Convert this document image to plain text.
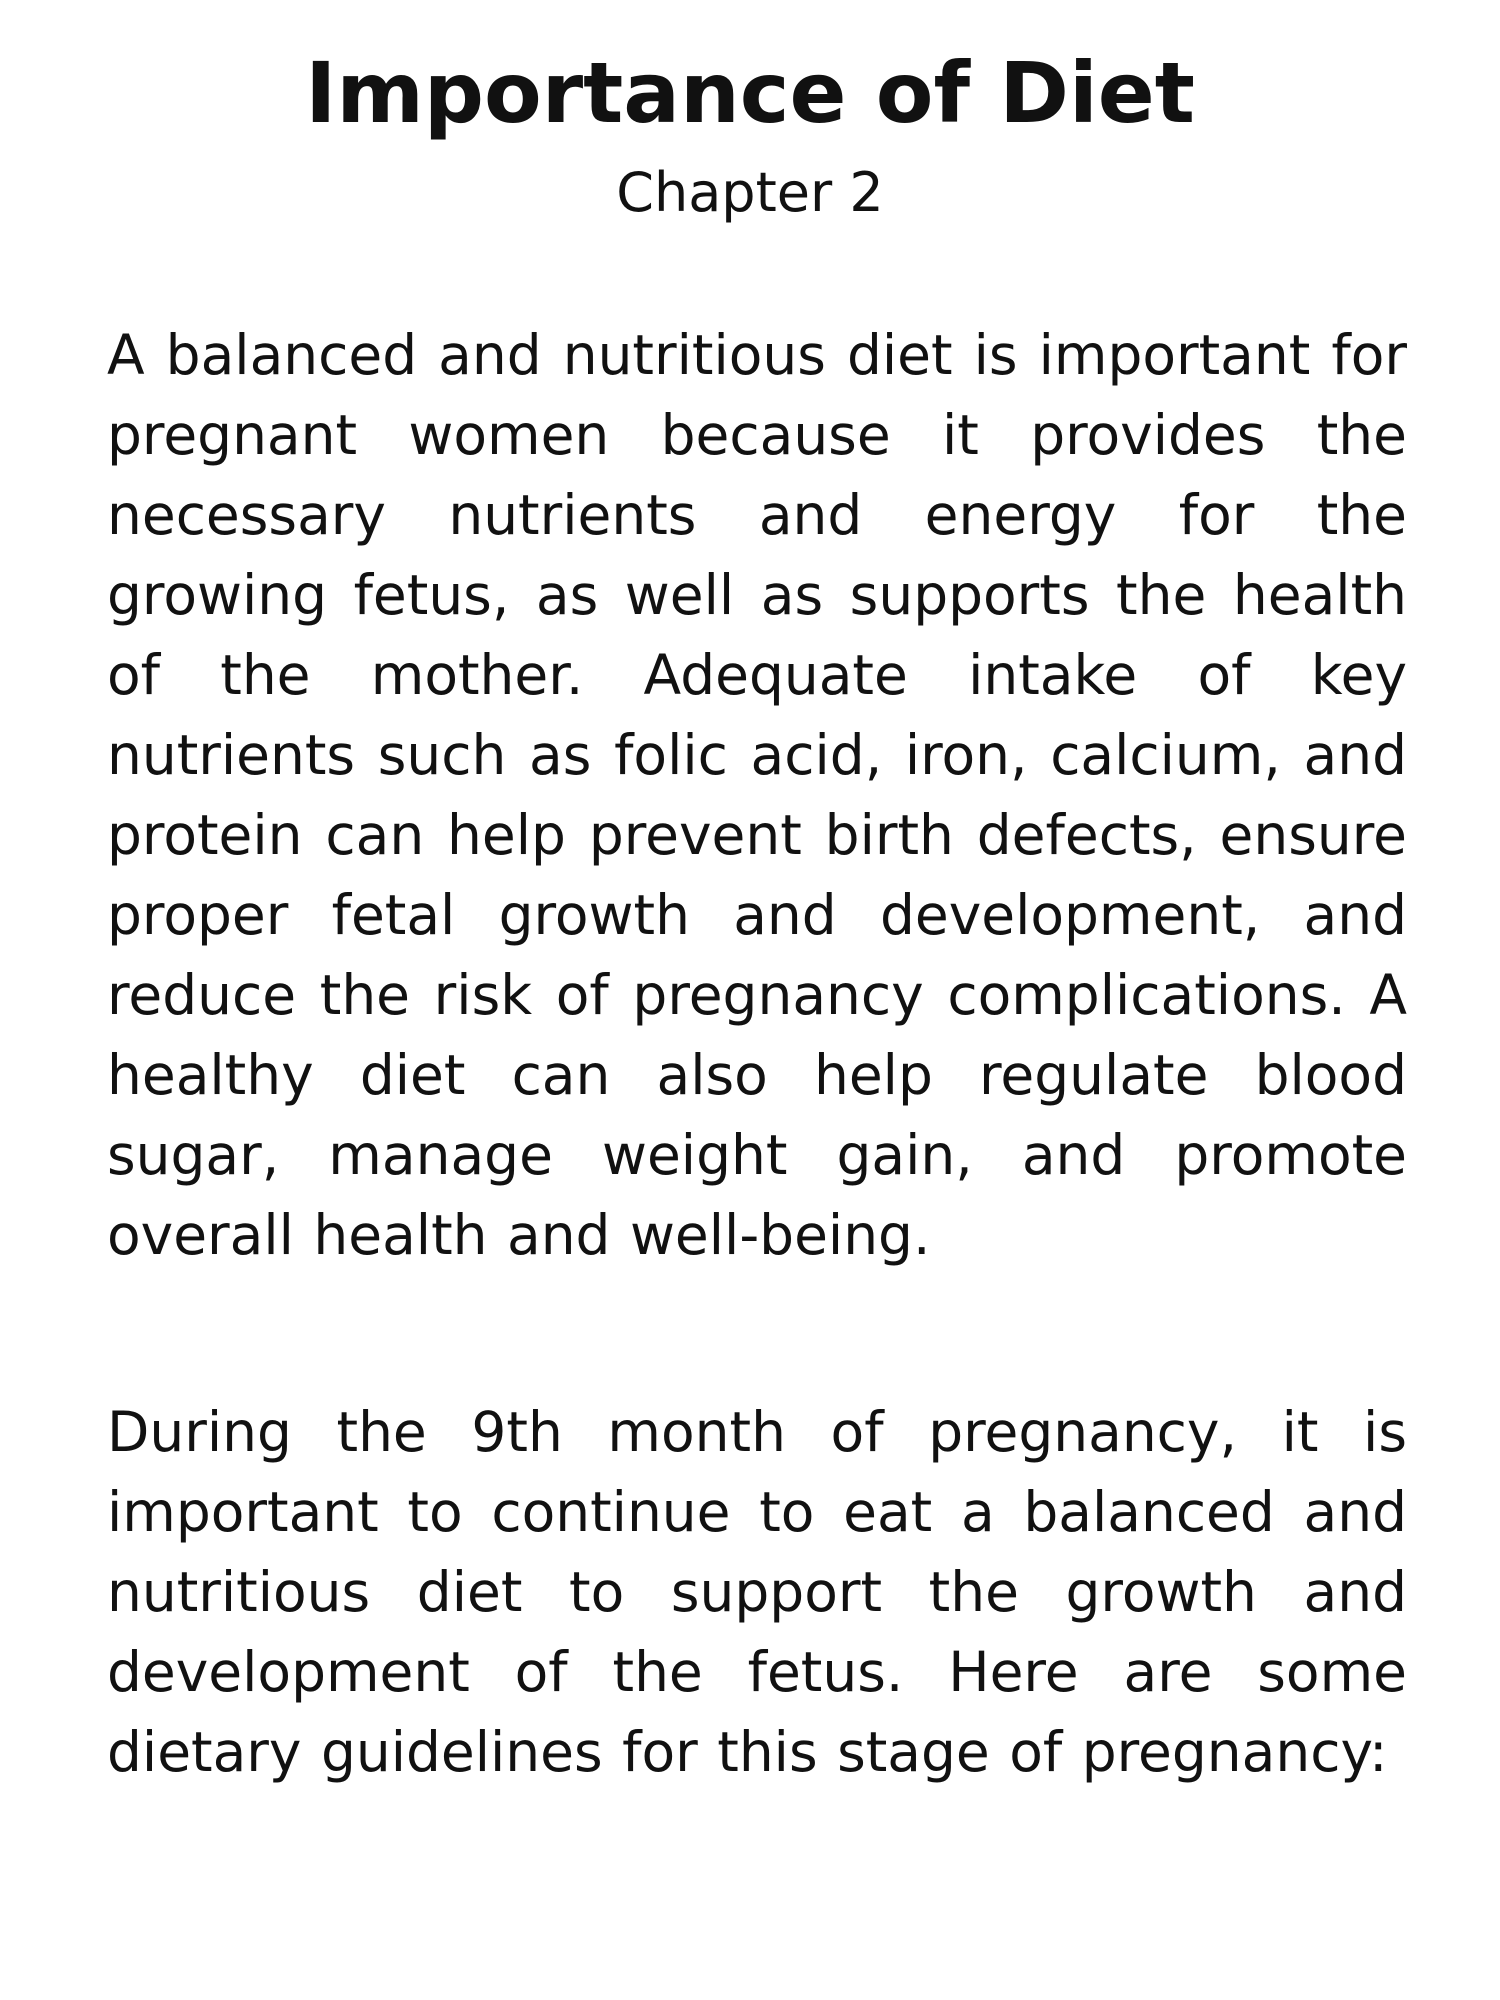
Importance of Diet
Chapter 2

A balanced and nutritious diet is important for pregnant women because it provides the necessary nutrients and energy for the growing fetus, as well as supports the health of the mother. Adequate intake of key nutrients such as folic acid, iron, calcium, and protein can help prevent birth defects, ensure proper fetal growth and development, and reduce the risk of pregnancy complications. A healthy diet can also help regulate blood sugar, manage weight gain, and promote overall health and well-being.

During the 9th month of pregnancy, it is important to continue to eat a balanced and nutritious diet to support the growth and development of the fetus. Here are some dietary guidelines for this stage of pregnancy:
